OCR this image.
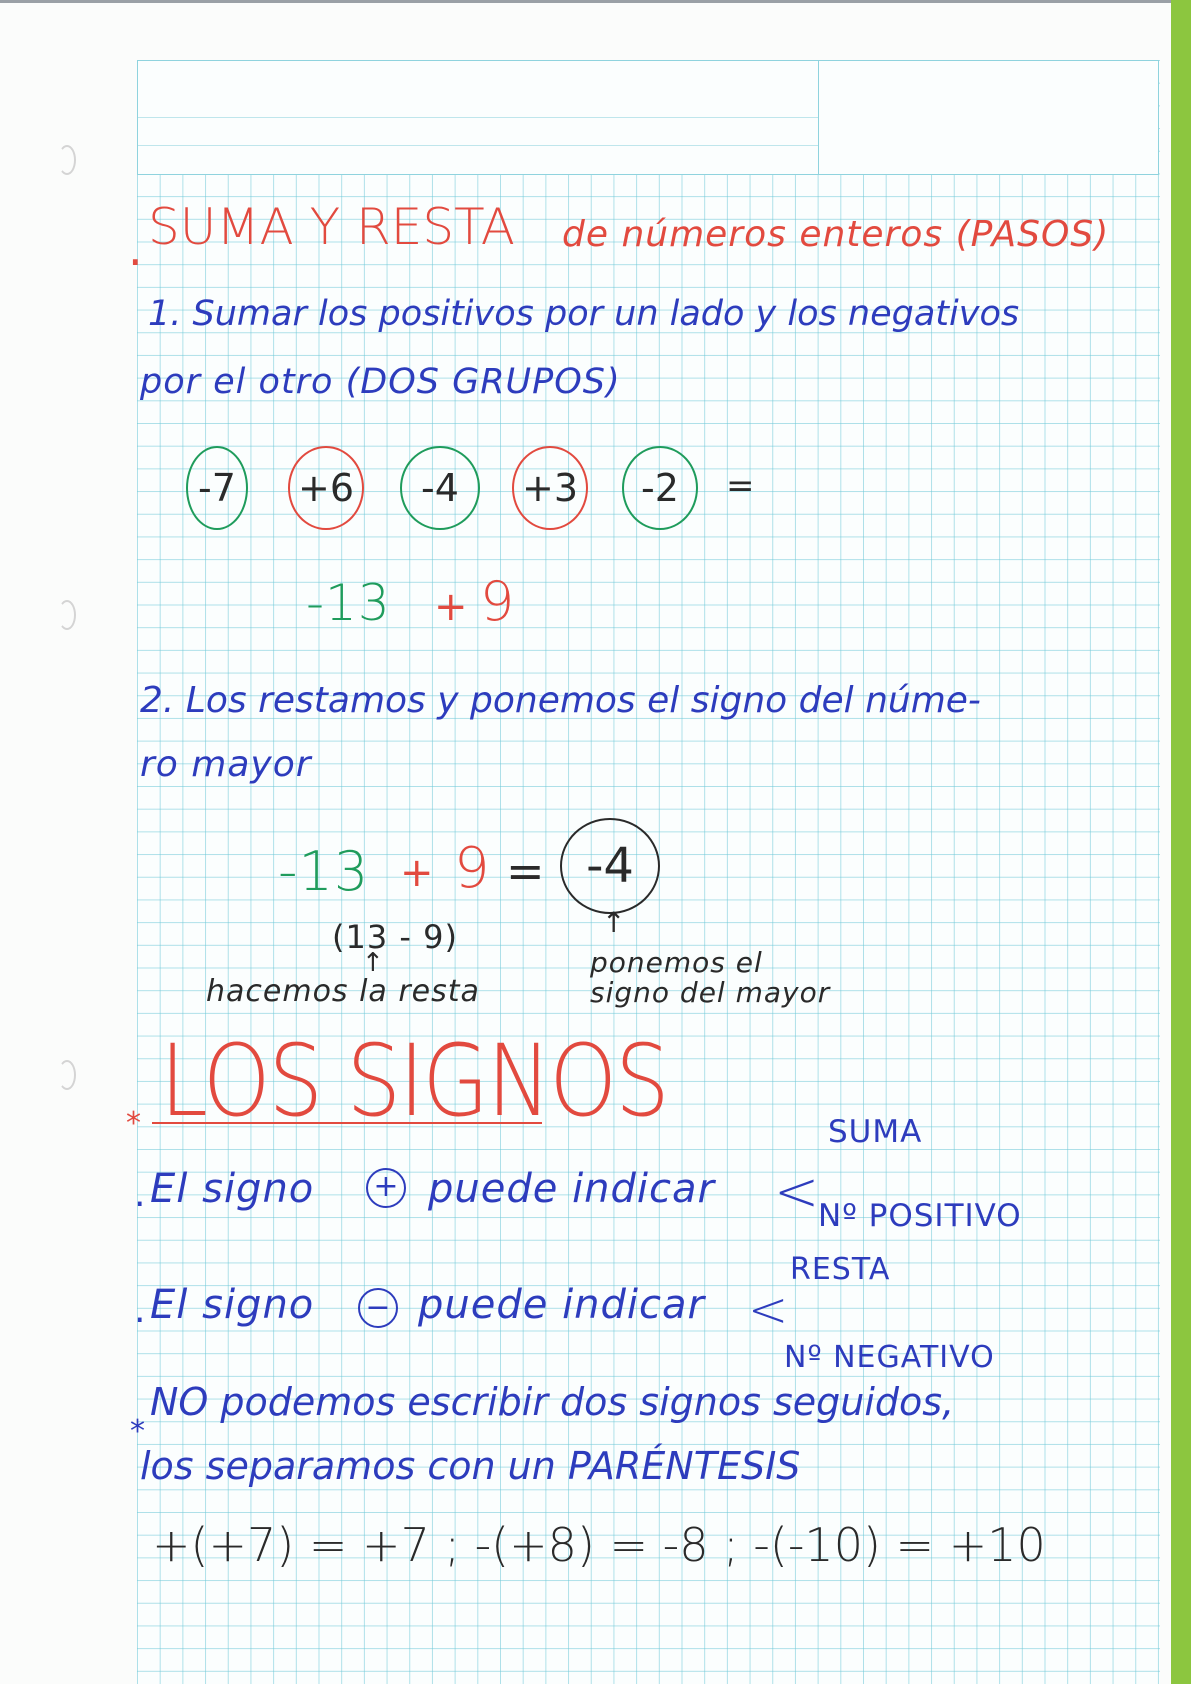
. SUMA Y RESTA de números enteros (PASOS)
1. Sumar los positivos por un lado y los negativos
por el otro (DOS GRUPOS)
-7	+6	-4	+3	-2	=
-13 + 9
2. Los restamos y ponemos el signo del núme-
ro mayor
-13 + 9 = -4
(13 - 9)
↑
↑
hacemos la resta
ponemos el
signo del mayor
* LOS SIGNOS
. El signo + puede indicar <
SUMA
Nº POSITIVO
. El signo − puede indicar <
RESTA
Nº NEGATIVO
*
NO podemos escribir dos signos seguidos,
los separamos con un PARÉNTESIS
+(+7) = +7 ; -(+8) = -8 ; -(-10) = +10
